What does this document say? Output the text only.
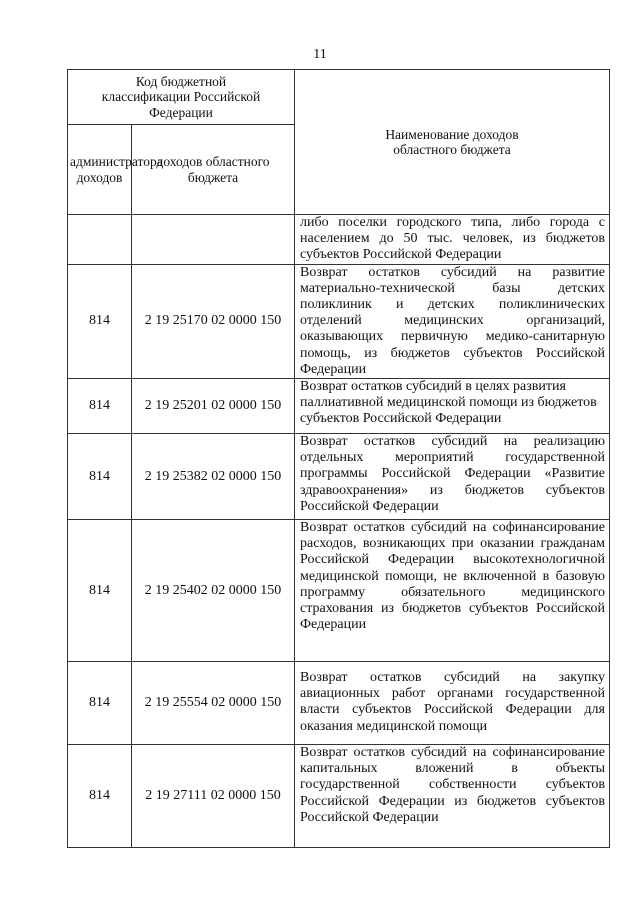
11
Код бюджетной классификации Российской Федерации		Наименование доходов областного бюджета
администратора доходов	доходов областного бюджета	
		либо поселки городского типа, либо города с населением до 50 тыс. человек, из бюджетов субъектов Российской Федерации
814	2 19 25170 02 0000 150	Возврат остатков субсидий на развитие материально-технической базы детских поликлиник и детских поликлинических отделений медицинских организаций, оказывающих первичную медико-санитарную помощь, из бюджетов субъектов Российской Федерации
814	2 19 25201 02 0000 150	Возврат остатков субсидий в целях развития паллиативной медицинской помощи из бюджетов субъектов Российской Федерации
814	2 19 25382 02 0000 150	Возврат остатков субсидий на реализацию отдельных мероприятий государственной программы Российской Федерации «Развитие здравоохранения» из бюджетов субъектов Российской Федерации
814	2 19 25402 02 0000 150	Возврат остатков субсидий на софинансирование расходов, возникающих при оказании гражданам Российской Федерации высокотехнологичной медицинской помощи, не включенной в базовую программу обязательного медицинского страхования из бюджетов субъектов Российской Федерации
814	2 19 25554 02 0000 150	Возврат остатков субсидий на закупку авиационных работ органами государственной власти субъектов Российской Федерации для оказания медицинской помощи
814	2 19 27111 02 0000 150	Возврат остатков субсидий на софинансирование капитальных вложений в объекты государственной собственности субъектов Российской Федерации из бюджетов субъектов Российской Федерации
